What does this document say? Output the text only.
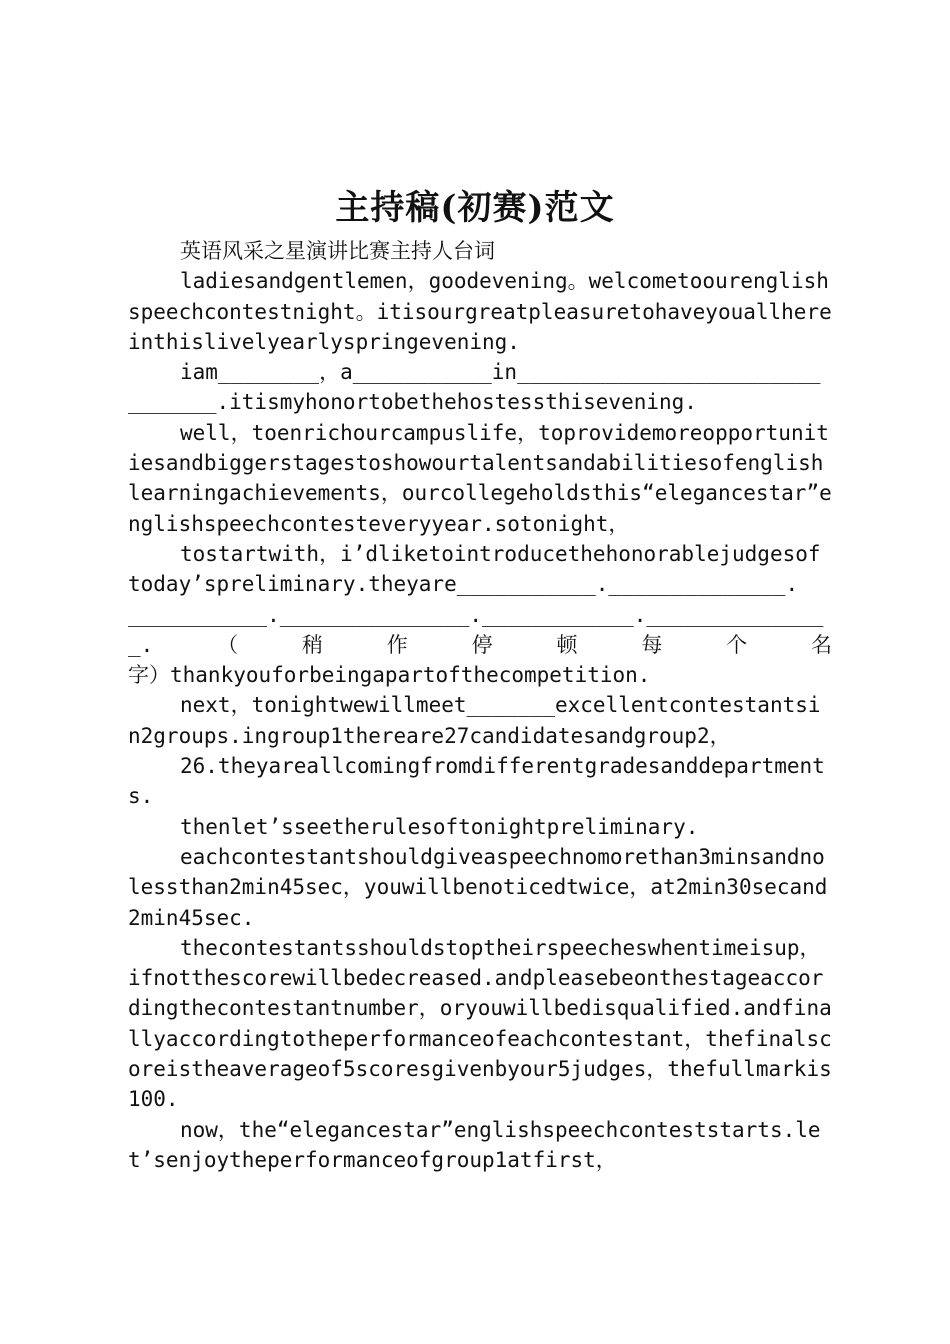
主持稿(初赛)范文

英语风采之星演讲比赛主持人台词

ladiesandgentlemen，goodevening。welcometoourenglishspeechcontestnight。itisourgreatpleasuretohaveyouallhereinthislivelyearlyspringevening.

iam________，a___________in_______________________________.itismyhonortobethehostessthisevening.

well，toenrichourcampuslife，toprovidemoreopportunitiesandbiggerstagestoshowourtalentsandabilitiesofenglishlearningachievements，ourcollegeholdsthis“elegancestar”englishspeechcontesteveryyear.sotonight，

tostartwith，i’dliketointroducethehonorablejudgesoftoday’spreliminary.theyare___________.______________.

___________._______________.____________.______________

_.（稍作停顿每个名

字）thankyouforbeingapartofthecompetition.

next，tonightwewillmeet_______excellentcontestantsin2groups.ingroup1thereare27candidatesandgroup2，

26.theyareallcomingfromdifferentgradesanddepartments.

thenlet’sseetherulesoftonightpreliminary.

eachcontestantshouldgiveaspeechnomorethan3minsandnolessthan2min45sec，youwillbenoticedtwice，at2min30secand2min45sec.

thecontestantsshouldstoptheirspeecheswhentimeisup，ifnotthescorewillbedecreased.andpleasebeonthestageaccordingthecontestantnumber，oryouwillbedisqualified.andfinallyaccordingtotheperformanceofeachcontestant，thefinalscoreistheaverageof5scoresgivenbyour5judges，thefullmarkis100.

now，the“elegancestar”englishspeechconteststarts.let’senjoytheperformanceofgroup1atfirst，
